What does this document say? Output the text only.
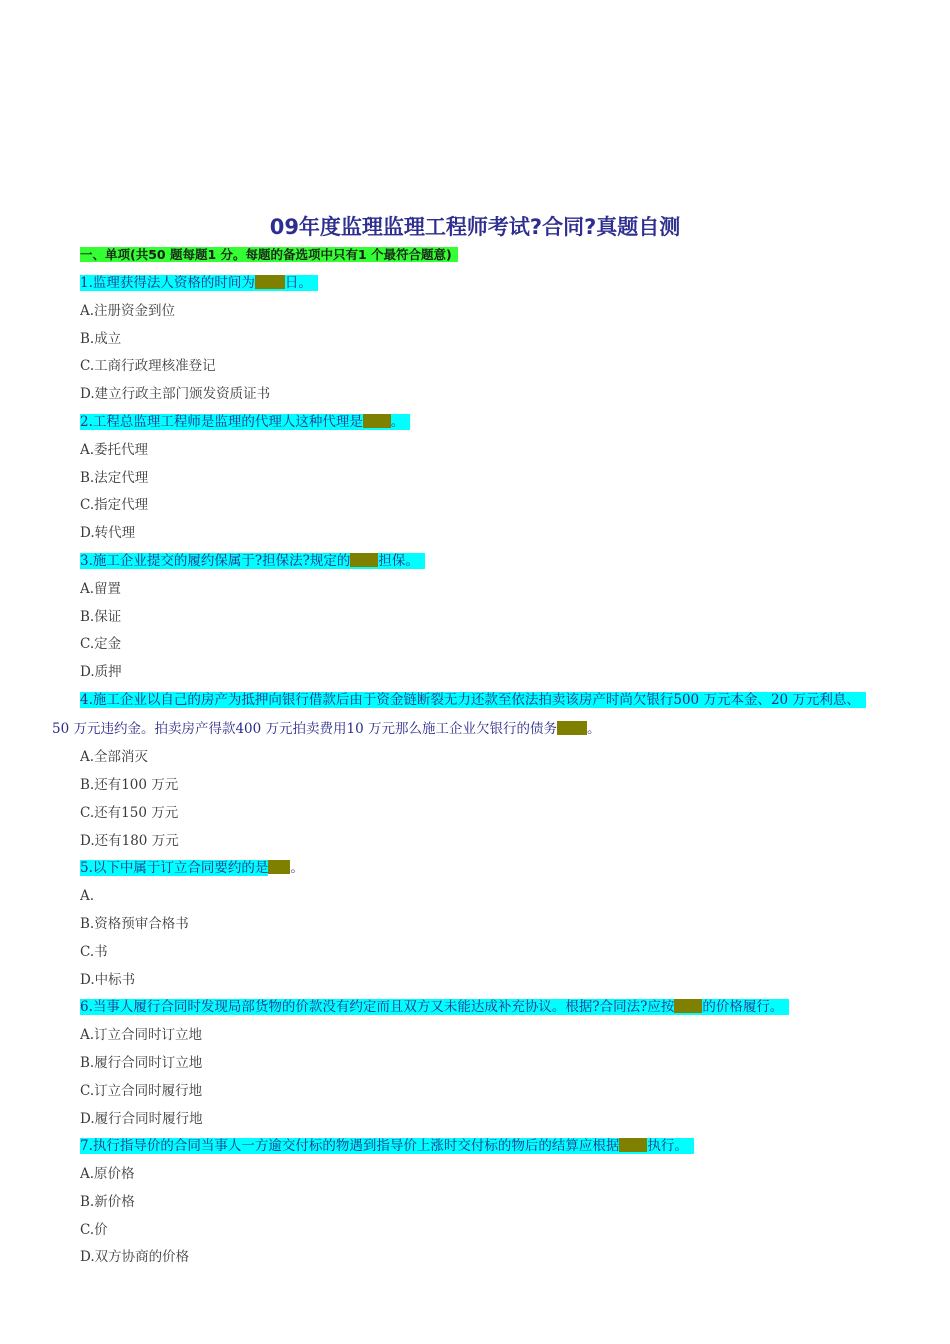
09年度监理监理工程师考试?合同?真题自测
一、单项(共50 题每题1 分。每题的备选项中只有1 个最符合题意)
1.监理获得法人资格的时间为 日。
A.注册资金到位
B.成立
C.工商行政理核准登记
D.建立行政主部门颁发资质证书
2.工程总监理工程师是监理的代理人这种代理是 。
A.委托代理
B.法定代理
C.指定代理
D.转代理
3.施工企业提交的履约保属于?担保法?规定的 担保。
A.留置
B.保证
C.定金
D.质押
4.施工企业以自己的房产为抵押向银行借款后由于资金链断裂无力还款至依法拍卖该房产时尚欠银行500 万元本金、20 万元利息、
50 万元违约金。拍卖房产得款400 万元拍卖费用10 万元那么施工企业欠银行的债务 。
A.全部消灭
B.还有100 万元
C.还有150 万元
D.还有180 万元
5.以下中属于订立合同要约的是 。
A.
B.资格预审合格书
C.书
D.中标书
6.当事人履行合同时发现局部货物的价款没有约定而且双方又未能达成补充协议。根据?合同法?应按 的价格履行。
A.订立合同时订立地
B.履行合同时订立地
C.订立合同时履行地
D.履行合同时履行地
7.执行指导价的合同当事人一方逾交付标的物遇到指导价上涨时交付标的物后的结算应根据 执行。
A.原价格
B.新价格
C.价
D.双方协商的价格
